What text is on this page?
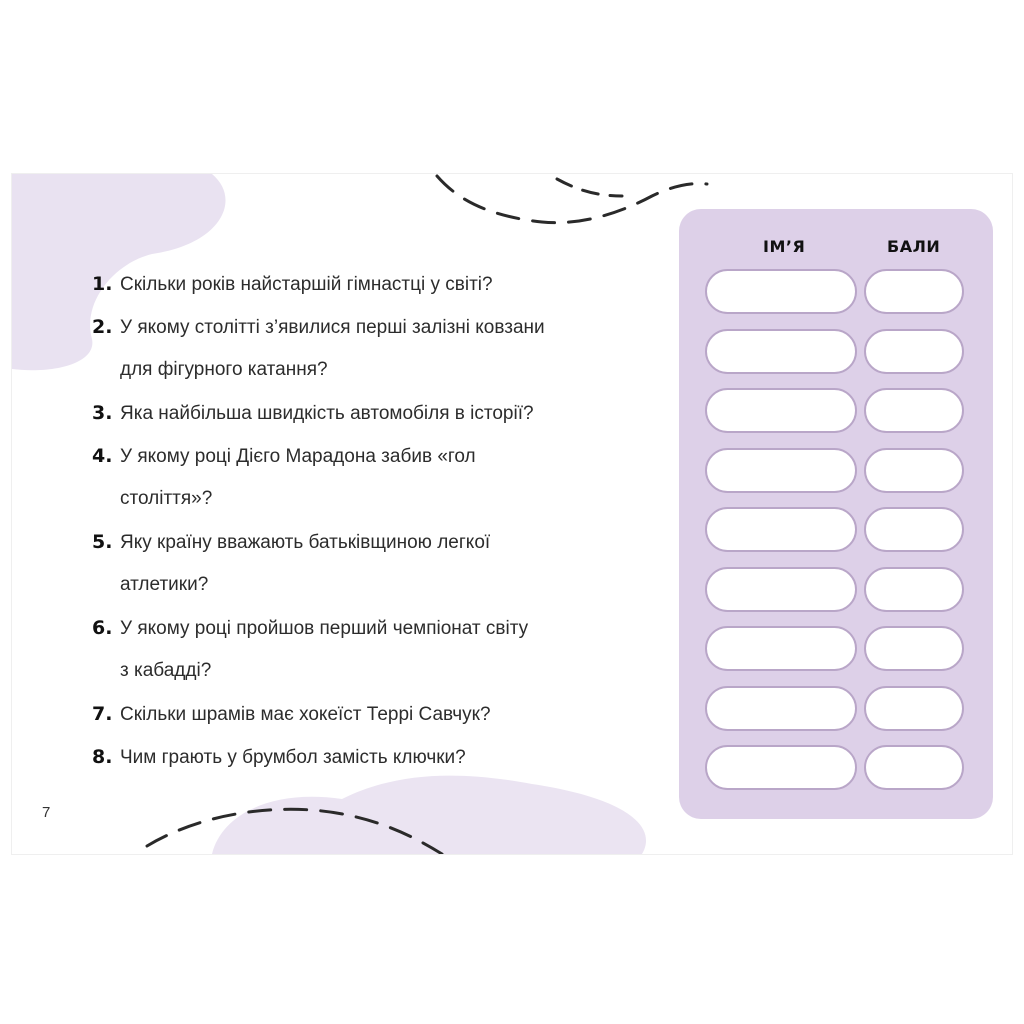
1. Скільки років найстаршій гімнастці у світі?
2. У якому столітті з’явилися перші залізні ковзани
для фігурного катання?
3. Яка найбільша швидкість автомобіля в історії?
4. У якому році Дієго Марадона забив «гол
століття»?
5. Яку країну вважають батьківщиною легкої
атлетики?
6. У якому році пройшов перший чемпіонат світу
з кабадді?
7. Скільки шрамів має хокеїст Террі Савчук?
8. Чим грають у брумбол замість ключки?
ІМ’Я	БАЛИ
7
